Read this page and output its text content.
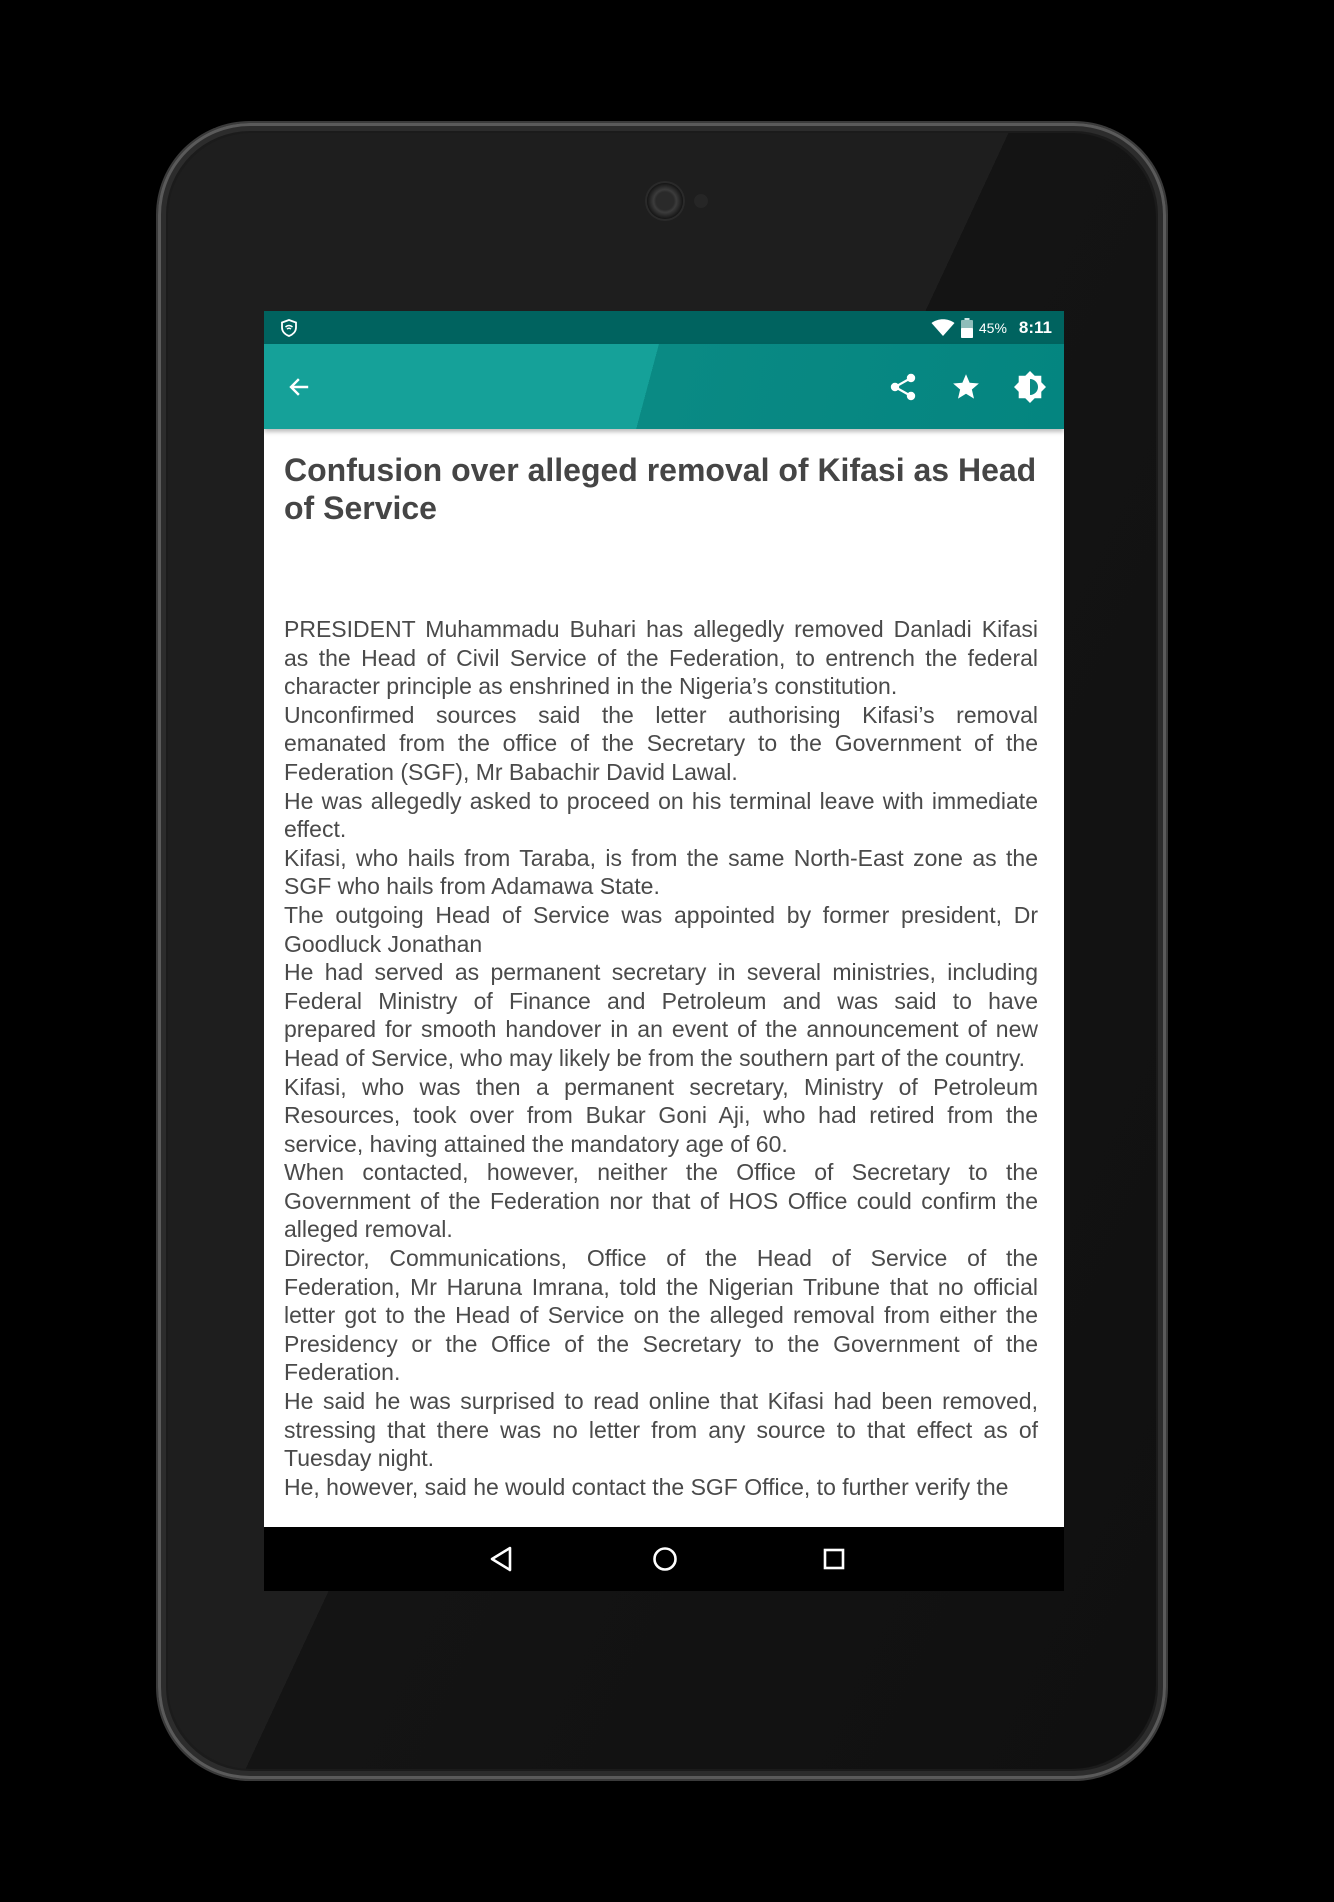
45% 8:11
Confusion over alleged removal of Kifasi as Head of Service

PRESIDENT Muhammadu Buhari has allegedly removed Danladi Kifasi as the Head of Civil Service of the Federation, to entrench the federal character principle as enshrined in the Nigeria’s constitution.

Unconfirmed sources said the letter authorising Kifasi’s removal emanated from the office of the Secretary to the Government of the Federation (SGF), Mr Babachir David Lawal.

He was allegedly asked to proceed on his terminal leave with immediate effect.

Kifasi, who hails from Taraba, is from the same North-East zone as the SGF who hails from Adamawa State.

The outgoing Head of Service was appointed by former president, Dr Goodluck Jonathan

He had served as permanent secretary in several ministries, including Federal Ministry of Finance and Petroleum and was said to have prepared for smooth handover in an event of the announcement of new Head of Service, who may likely be from the southern part of the country.

Kifasi, who was then a permanent secretary, Ministry of Petroleum Resources, took over from Bukar Goni Aji, who had retired from the service, having attained the mandatory age of 60.

When contacted, however, neither the Office of Secretary to the Government of the Federation nor that of HOS Office could confirm the alleged removal.

Director, Communications, Office of the Head of Service of the Federation, Mr Haruna Imrana, told the Nigerian Tribune that no official letter got to the Head of Service on the alleged removal from either the Presidency or the Office of the Secretary to the Government of the Federation.

He said he was surprised to read online that Kifasi had been removed, stressing that there was no letter from any source to that effect as of Tuesday night.

He, however, said he would contact the SGF Office, to further verify the
